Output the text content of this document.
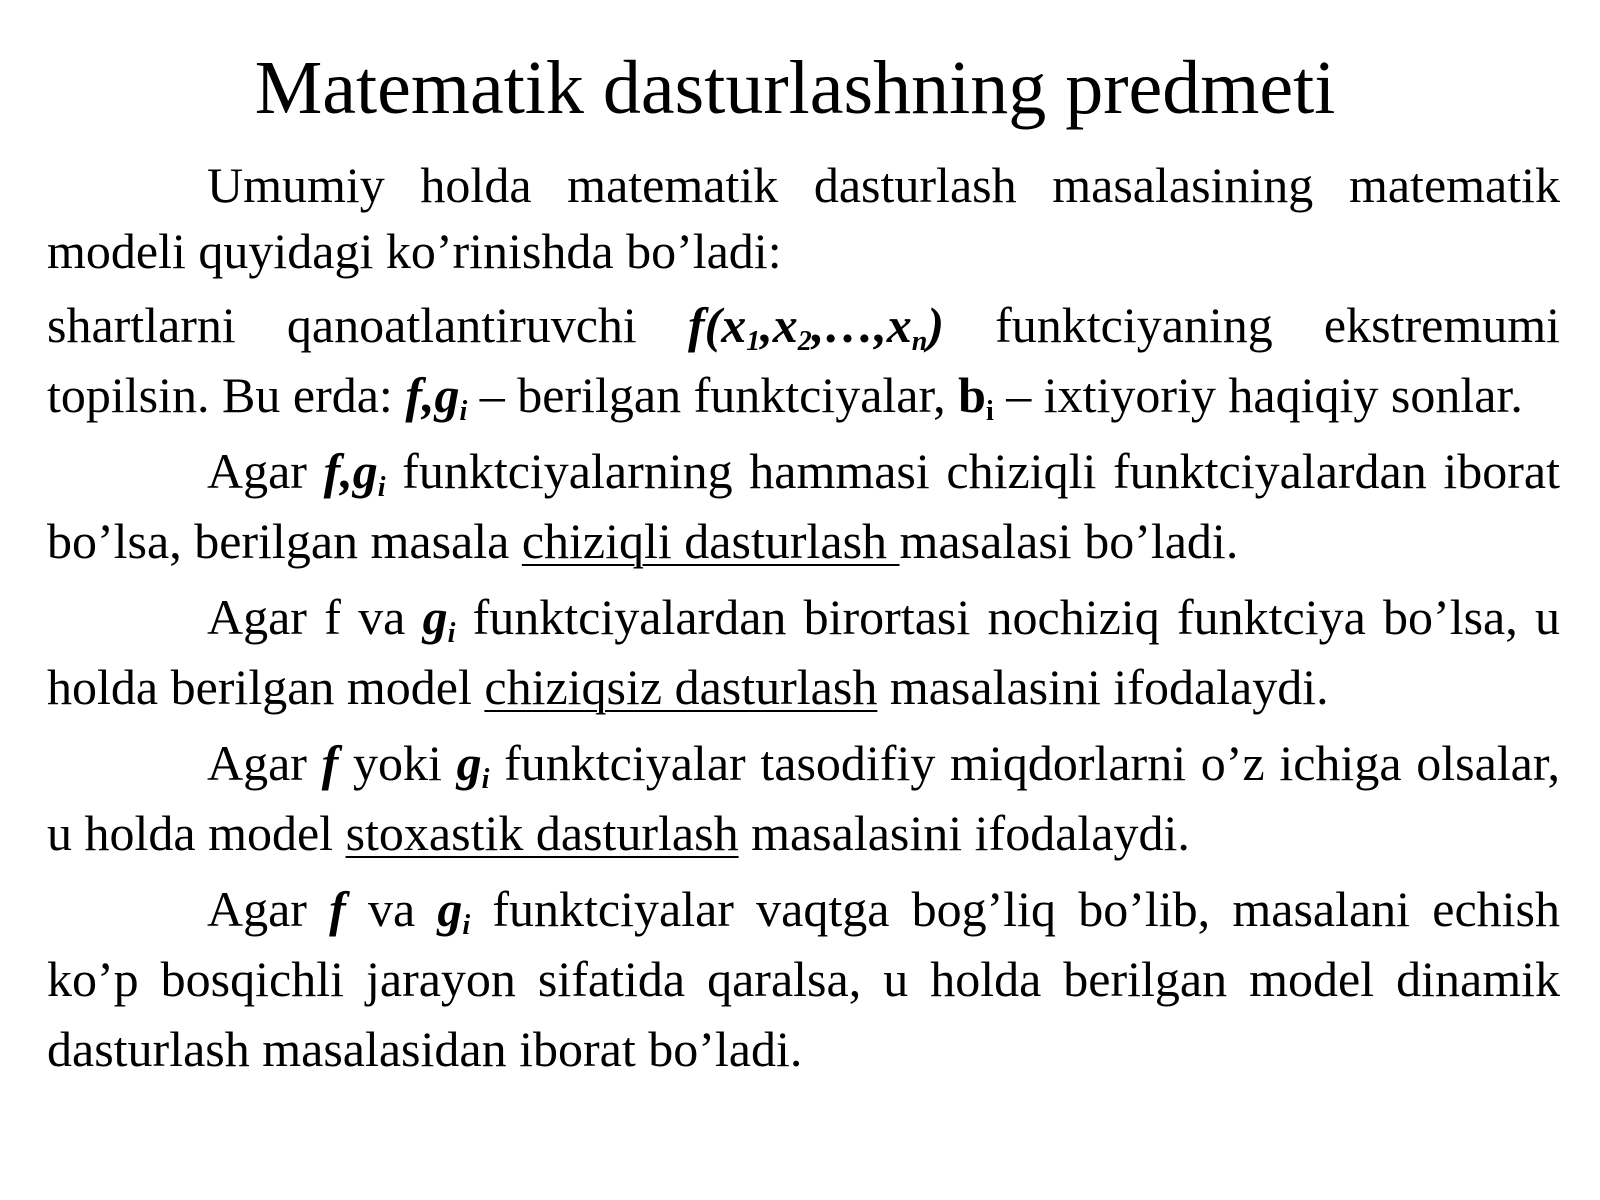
Matematik dasturlashning predmeti

Umumiy holda matematik dasturlash masalasining matematik modeli quyidagi ko’rinishda bo’ladi:

shartlarni qanoatlantiruvchi $f(x_1,x_2,\dots,x_n)$ funktciyaning ekstremumi topilsin. Bu erda: $f,g_i$ – berilgan funktciyalar, $b_i$ – ixtiyoriy haqiqiy sonlar.

Agar $f,g_i$ funktciyalarning hammasi chiziqli funktciyalardan iborat bo’lsa, berilgan masala chiziqli dasturlash masalasi bo’ladi.

Agar f va $g_i$ funktciyalardan birortasi nochiziq funktciya bo’lsa, u holda berilgan model chiziqsiz dasturlash masalasini ifodalaydi.

Agar f yoki $g_i$ funktciyalar tasodifiy miqdorlarni o’z ichiga olsalar, u holda model stoxastik dasturlash masalasini ifodalaydi.

Agar f va $g_i$ funktciyalar vaqtga bog’liq bo’lib, masalani echish ko’p bosqichli jarayon sifatida qaralsa, u holda berilgan model dinamik dasturlash masalasidan iborat bo’ladi.
